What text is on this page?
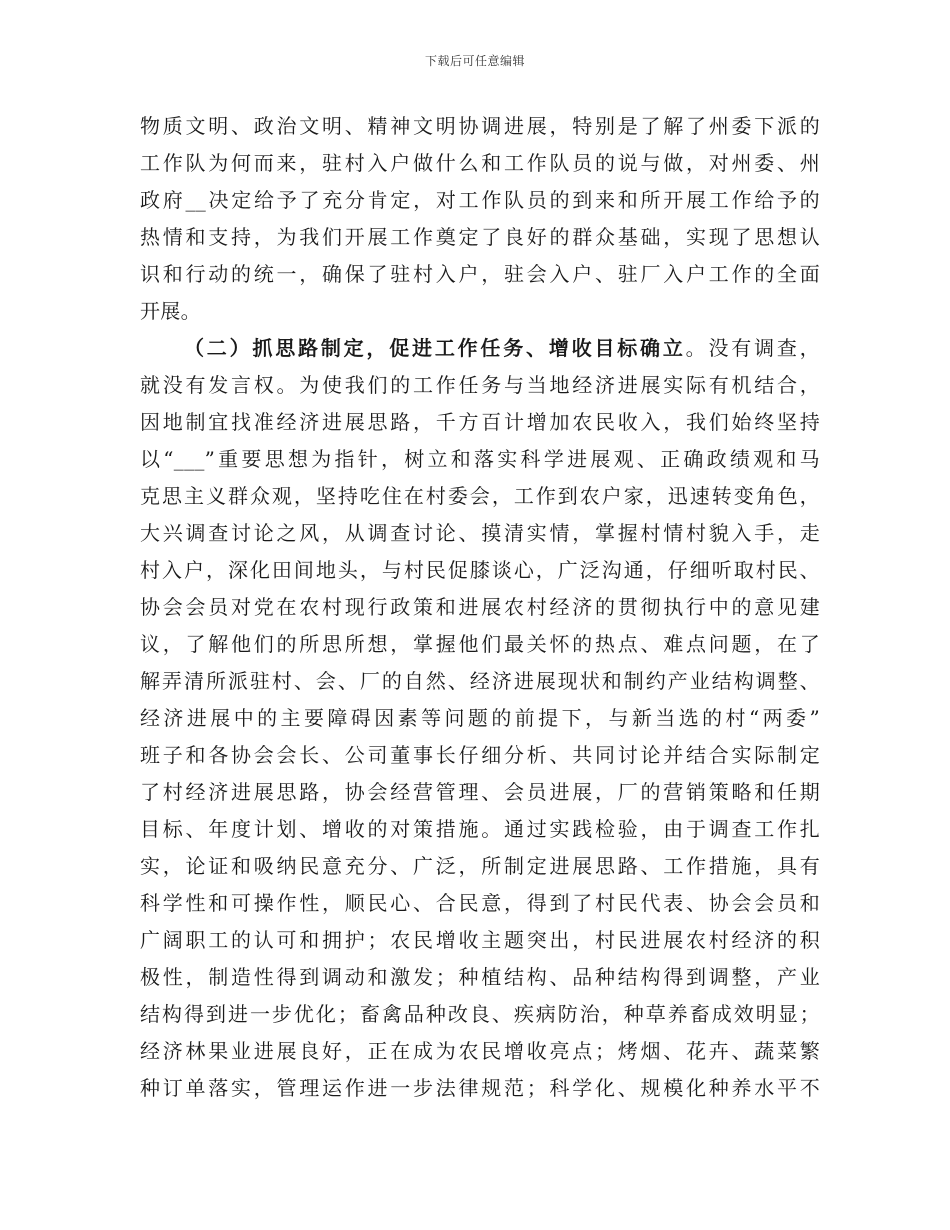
下载后可任意编辑
物质文明、政治文明、精神文明协调进展，特别是了解了州委下派的
工作队为何而来，驻村入户做什么和工作队员的说与做，对州委、州
政府__决定给予了充分肯定，对工作队员的到来和所开展工作给予的
热情和支持，为我们开展工作奠定了良好的群众基础，实现了思想认
识和行动的统一，确保了驻村入户，驻会入户、驻厂入户工作的全面
开展。
（二）抓思路制定，促进工作任务、增收目标确立。没有调查，
就没有发言权。为使我们的工作任务与当地经济进展实际有机结合，
因地制宜找准经济进展思路，千方百计增加农民收入，我们始终坚持
以“___”重要思想为指针，树立和落实科学进展观、正确政绩观和马
克思主义群众观，坚持吃住在村委会，工作到农户家，迅速转变角色，
大兴调查讨论之风，从调查讨论、摸清实情，掌握村情村貌入手，走
村入户，深化田间地头，与村民促膝谈心，广泛沟通，仔细听取村民、
协会会员对党在农村现行政策和进展农村经济的贯彻执行中的意见建
议，了解他们的所思所想，掌握他们最关怀的热点、难点问题，在了
解弄清所派驻村、会、厂的自然、经济进展现状和制约产业结构调整、
经济进展中的主要障碍因素等问题的前提下，与新当选的村“两委”
班子和各协会会长、公司董事长仔细分析、共同讨论并结合实际制定
了村经济进展思路，协会经营管理、会员进展，厂的营销策略和任期
目标、年度计划、增收的对策措施。通过实践检验，由于调查工作扎
实，论证和吸纳民意充分、广泛，所制定进展思路、工作措施，具有
科学性和可操作性，顺民心、合民意，得到了村民代表、协会会员和
广阔职工的认可和拥护；农民增收主题突出，村民进展农村经济的积
极性，制造性得到调动和激发；种植结构、品种结构得到调整，产业
结构得到进一步优化；畜禽品种改良、疾病防治，种草养畜成效明显；
经济林果业进展良好，正在成为农民增收亮点；烤烟、花卉、蔬菜繁
种订单落实，管理运作进一步法律规范；科学化、规模化种养水平不
